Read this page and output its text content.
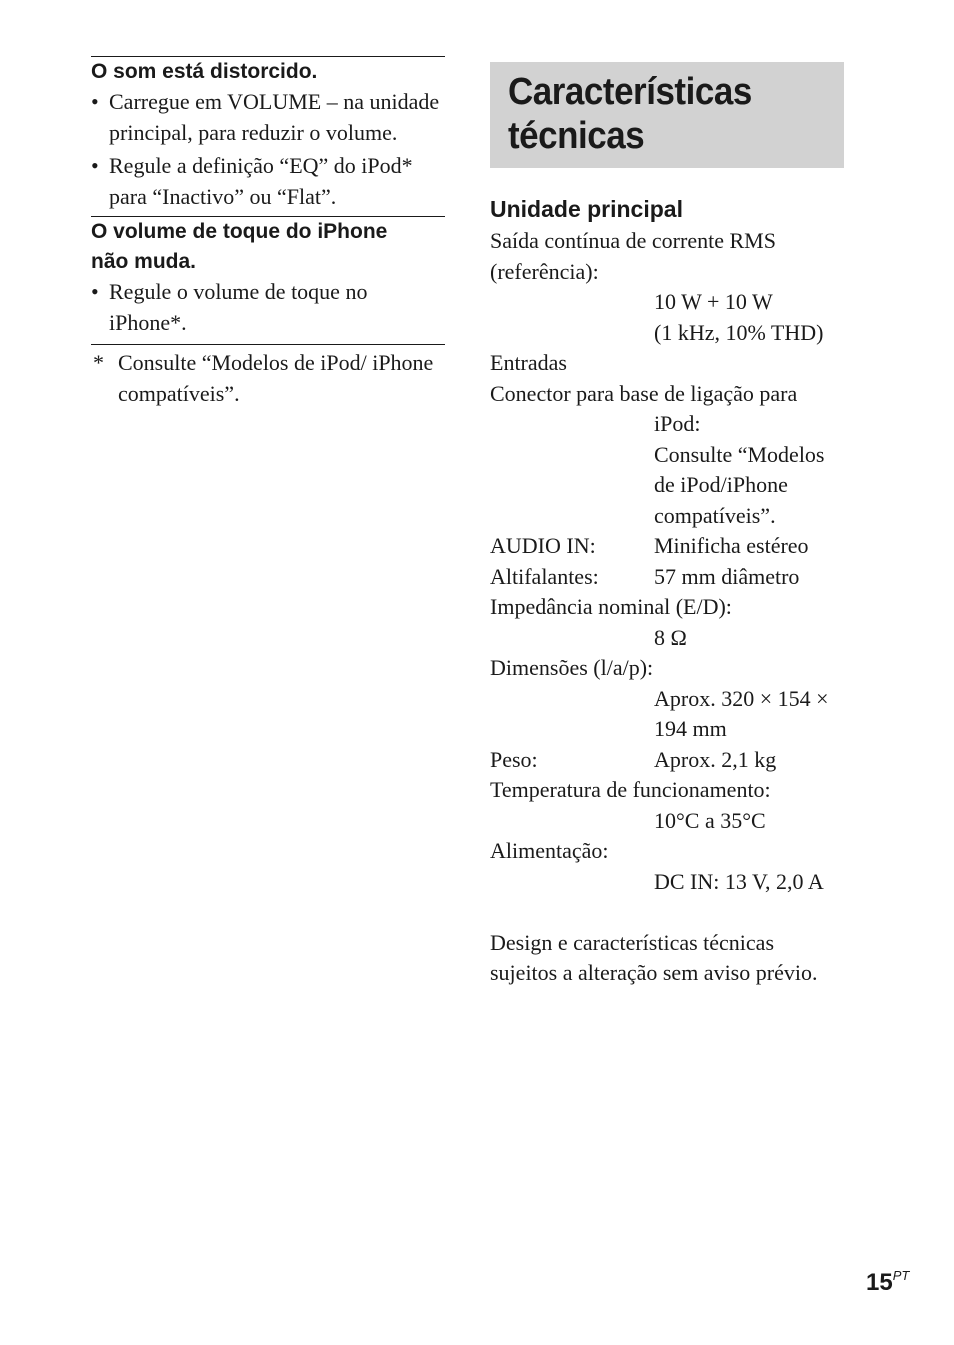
O som está distorcido.
• Carregue em VOLUME – na unidade principal, para reduzir o volume.
• Regule a definição “EQ” do iPod* para “Inactivo” ou “Flat”.
O volume de toque do iPhone
não muda.
• Regule o volume de toque no iPhone*.
* Consulte “Modelos de iPod/ iPhone compatíveis”.
Características
técnicas
Unidade principal
Saída contínua de corrente RMS (referência):
10 W + 10 W
(1 kHz, 10% THD)
Entradas
Conector para base de ligação para
iPod:
Consulte “Modelos de iPod/iPhone compatíveis”.
AUDIO IN:	Minificha estéreo
Altifalantes:	57 mm diâmetro
Impedância nominal (E/D):
8 Ω
Dimensões (l/a/p):
Aprox. 320 × 154 ×
194 mm
Peso:	Aprox. 2,1 kg
Temperatura de funcionamento:
10°C a 35°C
Alimentação:
DC IN: 13 V, 2,0 A
Design e características técnicas sujeitos a alteração sem aviso prévio.
$15^{PT}$
